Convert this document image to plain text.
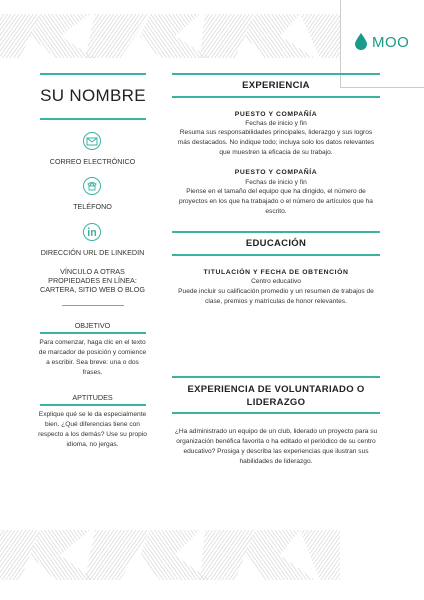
MOO
SU NOMBRE
CORREO ELECTRÓNICO
TELÉFONO
DIRECCIÓN URL DE LINKEDIN
VÍNCULO A OTRAS PROPIEDADES EN LÍNEA: CARTERA, SITIO WEB O BLOG
OBJETIVO
Para comenzar, haga clic en el texto de marcador de posición y comience a escribir. Sea breve: una o dos frases.
APTITUDES
Explique qué se le da especialmente bien. ¿Qué diferencias tiene con respecto a los demás? Use su propio idioma, no jergas.
EXPERIENCIA
PUESTO Y COMPAÑÍA
Fechas de inicio y fin
Resuma sus responsabilidades principales, liderazgo y sus logros más destacados. No indique todo; incluya solo los datos relevantes que muestren la eficacia de su trabajo.
PUESTO Y COMPAÑÍA
Fechas de inicio y fin
Piense en el tamaño del equipo que ha dirigido, el número de proyectos en los que ha trabajado o el número de artículos que ha escrito.
EDUCACIÓN
TITULACIÓN Y FECHA DE OBTENCIÓN
Centro educativo
Puede incluir su calificación promedio y un resumen de trabajos de clase, premios y matrículas de honor relevantes.
EXPERIENCIA DE VOLUNTARIADO O LIDERAZGO
¿Ha administrado un equipo de un club, liderado un proyecto para su organización benéfica favorita o ha editado el periódico de su centro educativo? Prosiga y describa las experiencias que ilustran sus habilidades de liderazgo.
